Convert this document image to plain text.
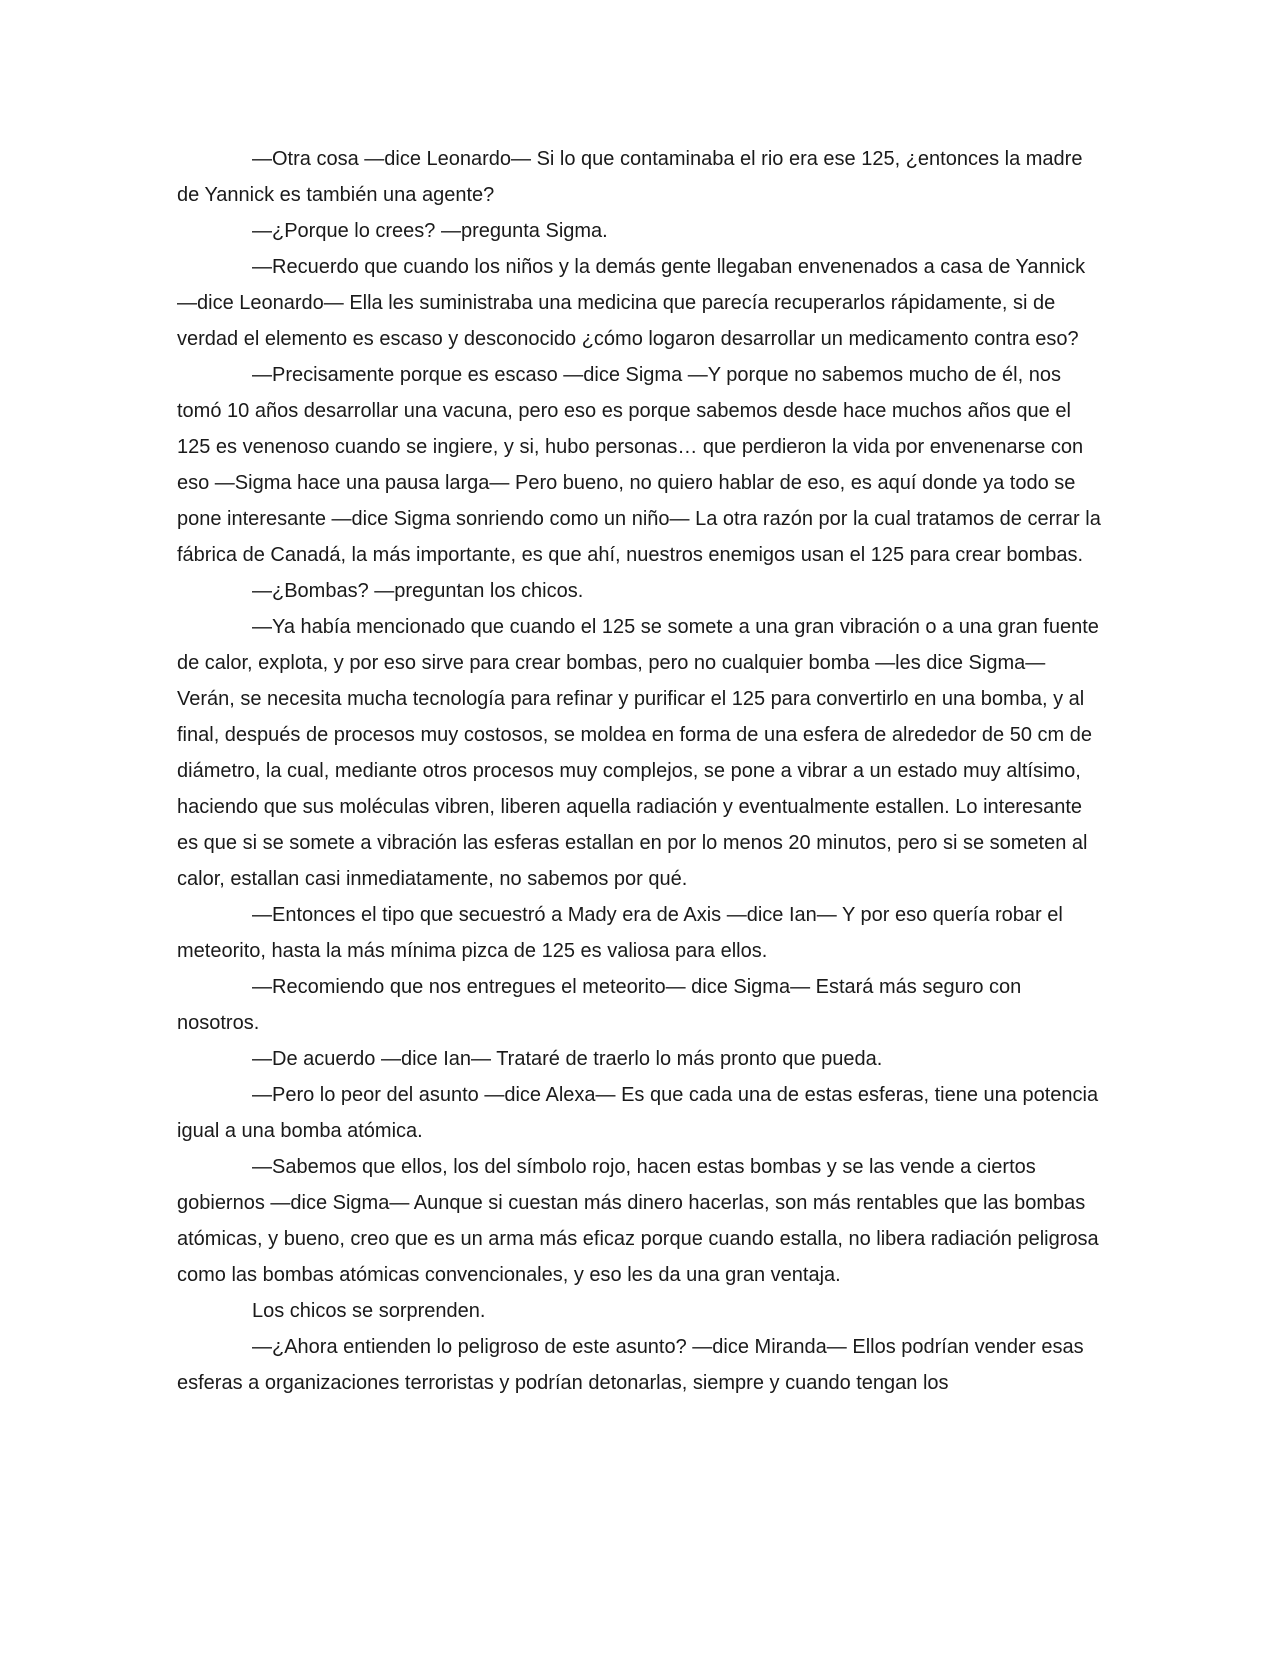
—Otra cosa —dice Leonardo— Si lo que contaminaba el rio era ese 125, ¿entonces la madre de Yannick es también una agente?

—¿Porque lo crees? —pregunta Sigma.

—Recuerdo que cuando los niños y la demás gente llegaban envenenados a casa de Yannick —dice Leonardo— Ella les suministraba una medicina que parecía recuperarlos rápidamente, si de verdad el elemento es escaso y desconocido ¿cómo logaron desarrollar un medicamento contra eso?

—Precisamente porque es escaso —dice Sigma —Y porque no sabemos mucho de él, nos tomó 10 años desarrollar una vacuna, pero eso es porque sabemos desde hace muchos años que el 125 es venenoso cuando se ingiere, y si, hubo personas… que perdieron la vida por envenenarse con eso —Sigma hace una pausa larga— Pero bueno, no quiero hablar de eso, es aquí donde ya todo se pone interesante —dice Sigma sonriendo como un niño— La otra razón por la cual tratamos de cerrar la fábrica de Canadá, la más importante, es que ahí, nuestros enemigos usan el 125 para crear bombas.

—¿Bombas? —preguntan los chicos.

—Ya había mencionado que cuando el 125 se somete a una gran vibración o a una gran fuente de calor, explota, y por eso sirve para crear bombas, pero no cualquier bomba —les dice Sigma— Verán, se necesita mucha tecnología para refinar y purificar el 125 para convertirlo en una bomba, y al final, después de procesos muy costosos, se moldea en forma de una esfera de alrededor de 50 cm de diámetro, la cual, mediante otros procesos muy complejos, se pone a vibrar a un estado muy altísimo, haciendo que sus moléculas vibren, liberen aquella radiación y eventualmente estallen. Lo interesante es que si se somete a vibración las esferas estallan en por lo menos 20 minutos, pero si se someten al calor, estallan casi inmediatamente, no sabemos por qué.

—Entonces el tipo que secuestró a Mady era de Axis —dice Ian— Y por eso quería robar el meteorito, hasta la más mínima pizca de 125 es valiosa para ellos.

—Recomiendo que nos entregues el meteorito— dice Sigma— Estará más seguro con nosotros.

—De acuerdo —dice Ian— Trataré de traerlo lo más pronto que pueda.

—Pero lo peor del asunto —dice Alexa— Es que cada una de estas esferas, tiene una potencia igual a una bomba atómica.

—Sabemos que ellos, los del símbolo rojo, hacen estas bombas y se las vende a ciertos gobiernos —dice Sigma— Aunque si cuestan más dinero hacerlas, son más rentables que las bombas atómicas, y bueno, creo que es un arma más eficaz porque cuando estalla, no libera radiación peligrosa como las bombas atómicas convencionales, y eso les da una gran ventaja.

Los chicos se sorprenden.

—¿Ahora entienden lo peligroso de este asunto? —dice Miranda— Ellos podrían vender esas esferas a organizaciones terroristas y podrían detonarlas, siempre y cuando tengan los
